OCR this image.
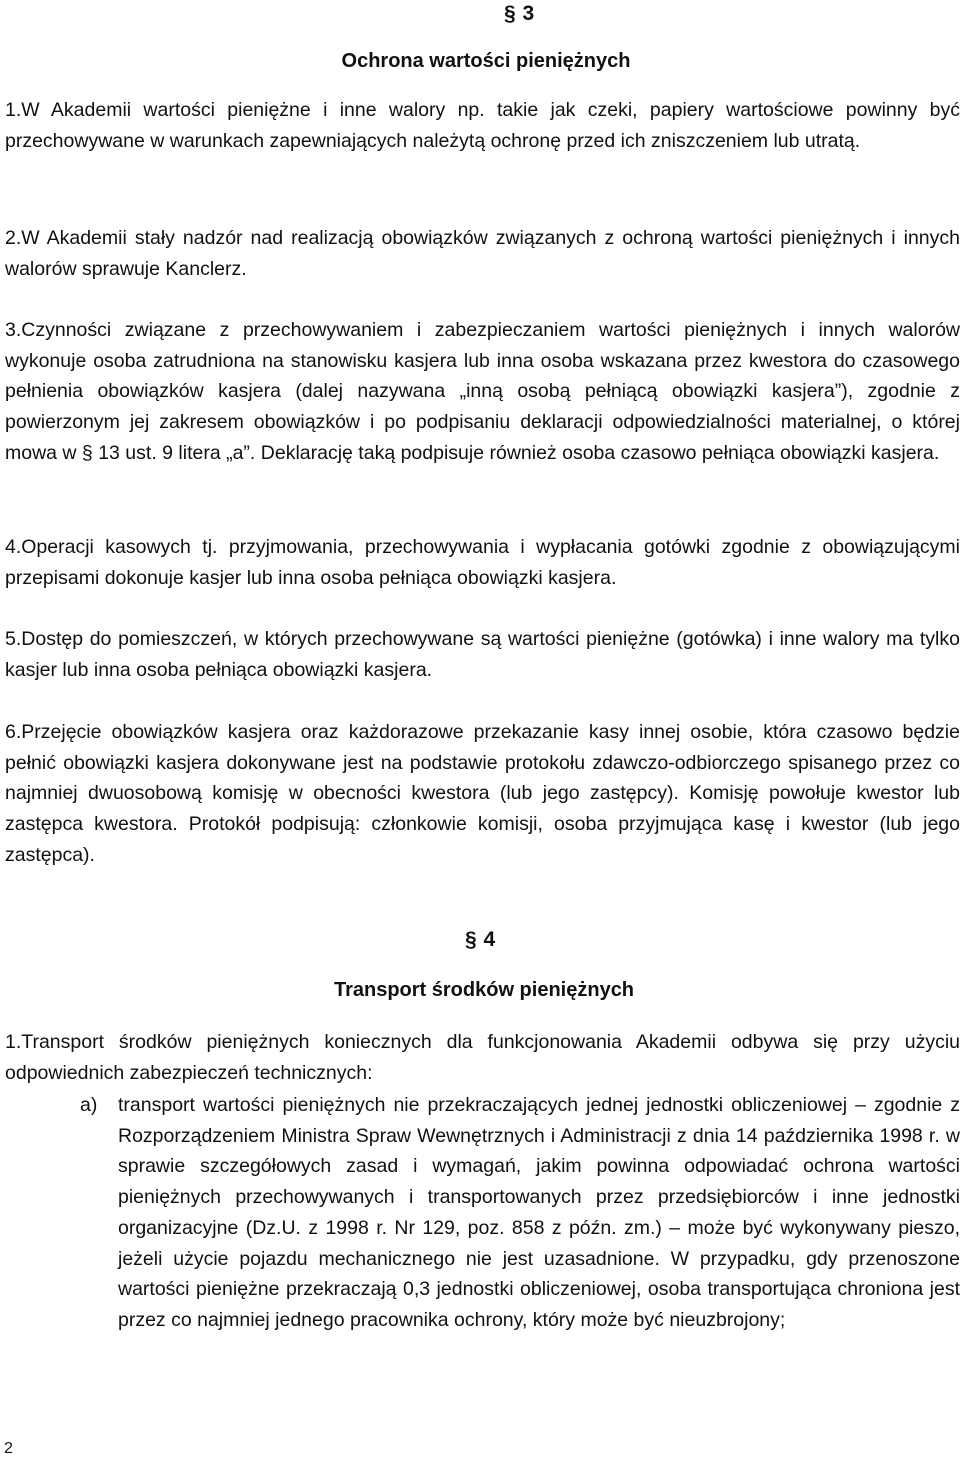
§ 3
Ochrona wartości pieniężnych

1.W Akademii wartości pieniężne i inne walory np. takie jak czeki, papiery wartościowe powinny być przechowywane w warunkach zapewniających należytą ochronę przed ich zniszczeniem lub utratą.

2.W Akademii stały nadzór nad realizacją obowiązków związanych z ochroną wartości pieniężnych i innych walorów sprawuje Kanclerz.

3.Czynności związane z przechowywaniem i zabezpieczaniem wartości pieniężnych i innych walorów wykonuje osoba zatrudniona na stanowisku kasjera lub inna osoba wskazana przez kwestora do czasowego pełnienia obowiązków kasjera (dalej nazywana „inną osobą pełniącą obowiązki kasjera”), zgodnie z powierzonym jej zakresem obowiązków i po podpisaniu deklaracji odpowiedzialności materialnej, o której mowa w § 13 ust. 9 litera „a”. Deklarację taką podpisuje również osoba czasowo pełniąca obowiązki kasjera.

4.Operacji kasowych tj. przyjmowania, przechowywania i wypłacania gotówki zgodnie z obowiązującymi przepisami dokonuje kasjer lub inna osoba pełniąca obowiązki kasjera.

5.Dostęp do pomieszczeń, w których przechowywane są wartości pieniężne (gotówka) i inne walory ma tylko kasjer lub inna osoba pełniąca obowiązki kasjera.

6.Przejęcie obowiązków kasjera oraz każdorazowe przekazanie kasy innej osobie, która czasowo będzie pełnić obowiązki kasjera dokonywane jest na podstawie protokołu zdawczo-odbiorczego spisanego przez co najmniej dwuosobową komisję w obecności kwestora (lub jego zastępcy). Komisję powołuje kwestor lub zastępca kwestora. Protokół podpisują: członkowie komisji, osoba przyjmująca kasę i kwestor (lub jego zastępca).

§ 4
Transport środków pieniężnych

1.Transport środków pieniężnych koniecznych dla funkcjonowania Akademii odbywa się przy użyciu odpowiednich zabezpieczeń technicznych:

a) transport wartości pieniężnych nie przekraczających jednej jednostki obliczeniowej – zgodnie z Rozporządzeniem Ministra Spraw Wewnętrznych i Administracji z dnia 14 października 1998 r. w sprawie szczegółowych zasad i wymagań, jakim powinna odpowiadać ochrona wartości pieniężnych przechowywanych i transportowanych przez przedsiębiorców i inne jednostki organizacyjne (Dz.U. z 1998 r. Nr 129, poz. 858 z późn. zm.) – może być wykonywany pieszo, jeżeli użycie pojazdu mechanicznego nie jest uzasadnione. W przypadku, gdy przenoszone wartości pieniężne przekraczają 0,3 jednostki obliczeniowej, osoba transportująca chroniona jest przez co najmniej jednego pracownika ochrony, który może być nieuzbrojony;
2
